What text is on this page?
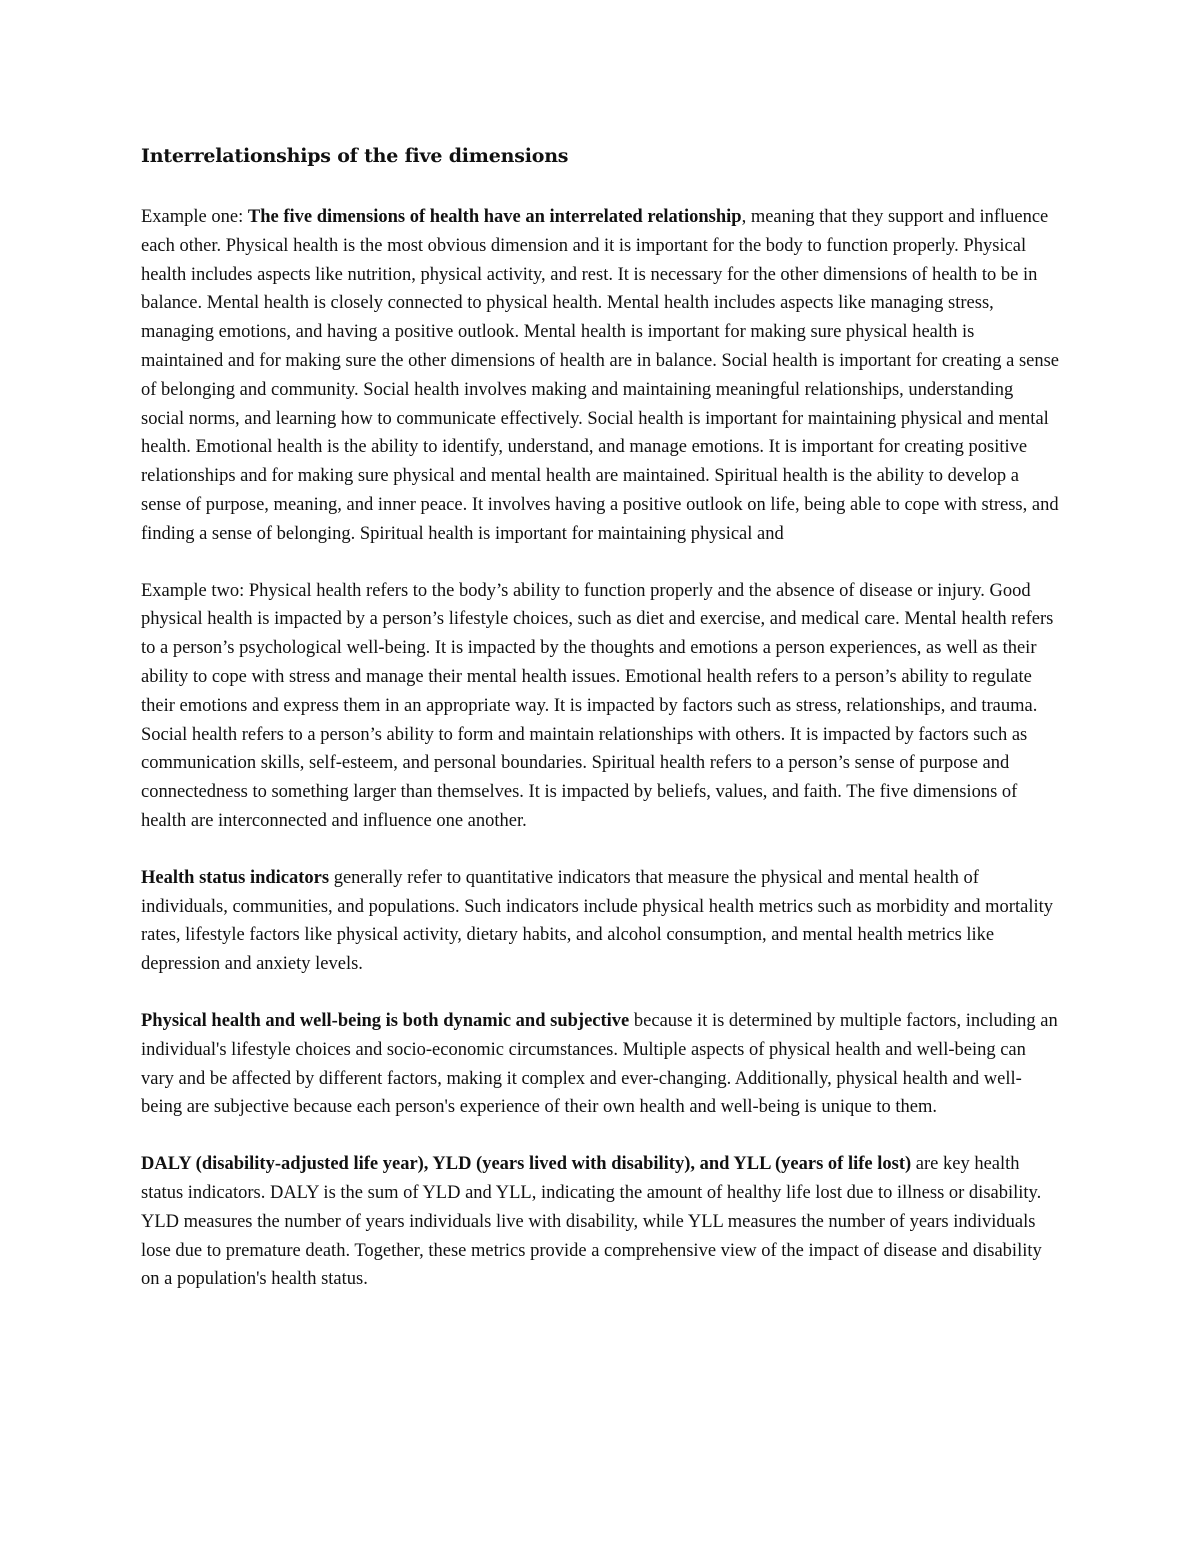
Interrelationships of the five dimensions

Example one: The five dimensions of health have an interrelated relationship, meaning that they support and influence each other. Physical health is the most obvious dimension and it is important for the body to function properly. Physical health includes aspects like nutrition, physical activity, and rest. It is necessary for the other dimensions of health to be in balance. Mental health is closely connected to physical health. Mental health includes aspects like managing stress, managing emotions, and having a positive outlook. Mental health is important for making sure physical health is maintained and for making sure the other dimensions of health are in balance. Social health is important for creating a sense of belonging and community. Social health involves making and maintaining meaningful relationships, understanding social norms, and learning how to communicate effectively. Social health is important for maintaining physical and mental health. Emotional health is the ability to identify, understand, and manage emotions. It is important for creating positive relationships and for making sure physical and mental health are maintained. Spiritual health is the ability to develop a sense of purpose, meaning, and inner peace. It involves having a positive outlook on life, being able to cope with stress, and finding a sense of belonging. Spiritual health is important for maintaining physical and

Example two: Physical health refers to the body’s ability to function properly and the absence of disease or injury. Good physical health is impacted by a person’s lifestyle choices, such as diet and exercise, and medical care. Mental health refers to a person’s psychological well-being. It is impacted by the thoughts and emotions a person experiences, as well as their ability to cope with stress and manage their mental health issues. Emotional health refers to a person’s ability to regulate their emotions and express them in an appropriate way. It is impacted by factors such as stress, relationships, and trauma. Social health refers to a person’s ability to form and maintain relationships with others. It is impacted by factors such as communication skills, self-esteem, and personal boundaries. Spiritual health refers to a person’s sense of purpose and connectedness to something larger than themselves. It is impacted by beliefs, values, and faith. The five dimensions of health are interconnected and influence one another.

Health status indicators generally refer to quantitative indicators that measure the physical and mental health of individuals, communities, and populations. Such indicators include physical health metrics such as morbidity and mortality rates, lifestyle factors like physical activity, dietary habits, and alcohol consumption, and mental health metrics like depression and anxiety levels.

Physical health and well-being is both dynamic and subjective because it is determined by multiple factors, including an individual's lifestyle choices and socio-economic circumstances. Multiple aspects of physical health and well-being can vary and be affected by different factors, making it complex and ever-changing. Additionally, physical health and well-being are subjective because each person's experience of their own health and well-being is unique to them.

DALY (disability-adjusted life year), YLD (years lived with disability), and YLL (years of life lost) are key health status indicators. DALY is the sum of YLD and YLL, indicating the amount of healthy life lost due to illness or disability. YLD measures the number of years individuals live with disability, while YLL measures the number of years individuals lose due to premature death. Together, these metrics provide a comprehensive view of the impact of disease and disability on a population's health status.
